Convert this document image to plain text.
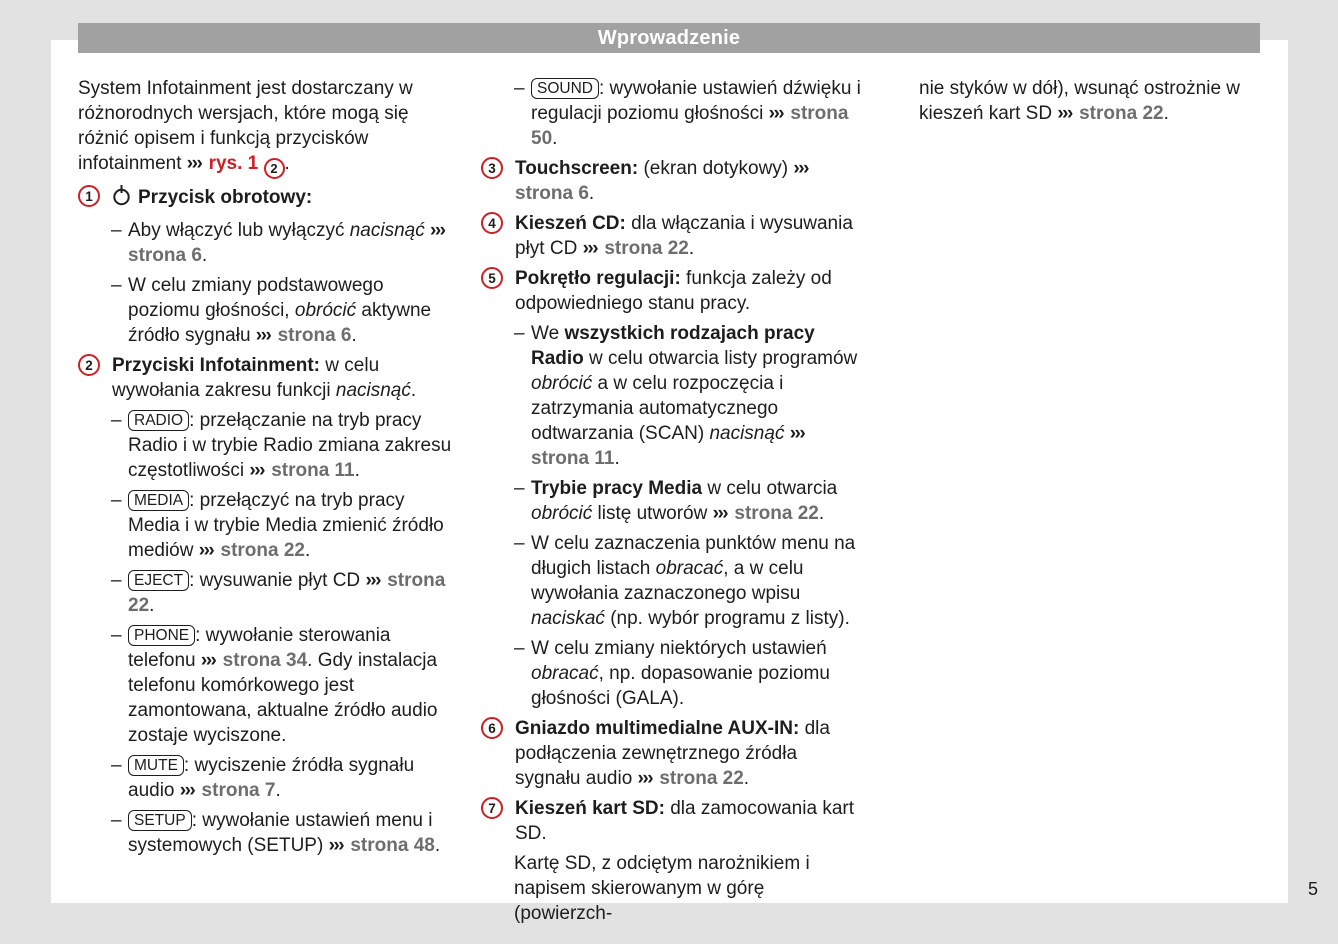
Wprowadzenie
System Infotainment jest dostarczany w różnorodnych wersjach, które mogą się różnić opisem i funkcją przycisków infotainment ››› rys. 1 2 .
1	Przycisk obrotowy:
– Aby włączyć lub wyłączyć nacisnąć ››› strona 6.
– W celu zmiany podstawowego poziomu głośności, obrócić aktywne źródło sygnału ››› strona 6.
2	Przyciski Infotainment: w celu wywołania zakresu funkcji nacisnąć.
– RADIO : przełączanie na tryb pracy Radio i w trybie Radio zmiana zakresu częstotliwości ››› strona 11.
– MEDIA : przełączyć na tryb pracy Media i w trybie Media zmienić źródło mediów ››› strona 22.
– EJECT : wysuwanie płyt CD ››› strona 22.
– PHONE : wywołanie sterowania telefonu ››› strona 34. Gdy instalacja telefonu komórkowego jest zamontowana, aktualne źródło audio zostaje wyciszone.
– MUTE : wyciszenie źródła sygnału audio ››› strona 7.
– SETUP : wywołanie ustawień menu i systemowych (SETUP) ››› strona 48.
– SOUND : wywołanie ustawień dźwięku i regulacji poziomu głośności ››› strona 50.
3	Touchscreen: (ekran dotykowy) ››› strona 6.
4	Kieszeń CD: dla włączania i wysuwania płyt CD ››› strona 22.
5	Pokrętło regulacji: funkcja zależy od odpowiedniego stanu pracy.
– We wszystkich rodzajach pracy Radio w celu otwarcia listy programów obrócić a w celu rozpoczęcia i zatrzymania automatycznego odtwarzania (SCAN) nacisnąć ››› strona 11.
– Trybie pracy Media w celu otwarcia obrócić listę utworów ››› strona 22.
– W celu zaznaczenia punktów menu na długich listach obracać, a w celu wywołania zaznaczonego wpisu naciskać (np. wybór programu z listy).
– W celu zmiany niektórych ustawień obracać, np. dopasowanie poziomu głośności (GALA).
6	Gniazdo multimedialne AUX-IN: dla podłączenia zewnętrznego źródła sygnału audio ››› strona 22.
7	Kieszeń kart SD: dla zamocowania kart SD.
Kartę SD, z odciętym narożnikiem i napisem skierowanym w górę (powierzch-
nie styków w dół), wsunąć ostrożnie w kieszeń kart SD ››› strona 22.
5
